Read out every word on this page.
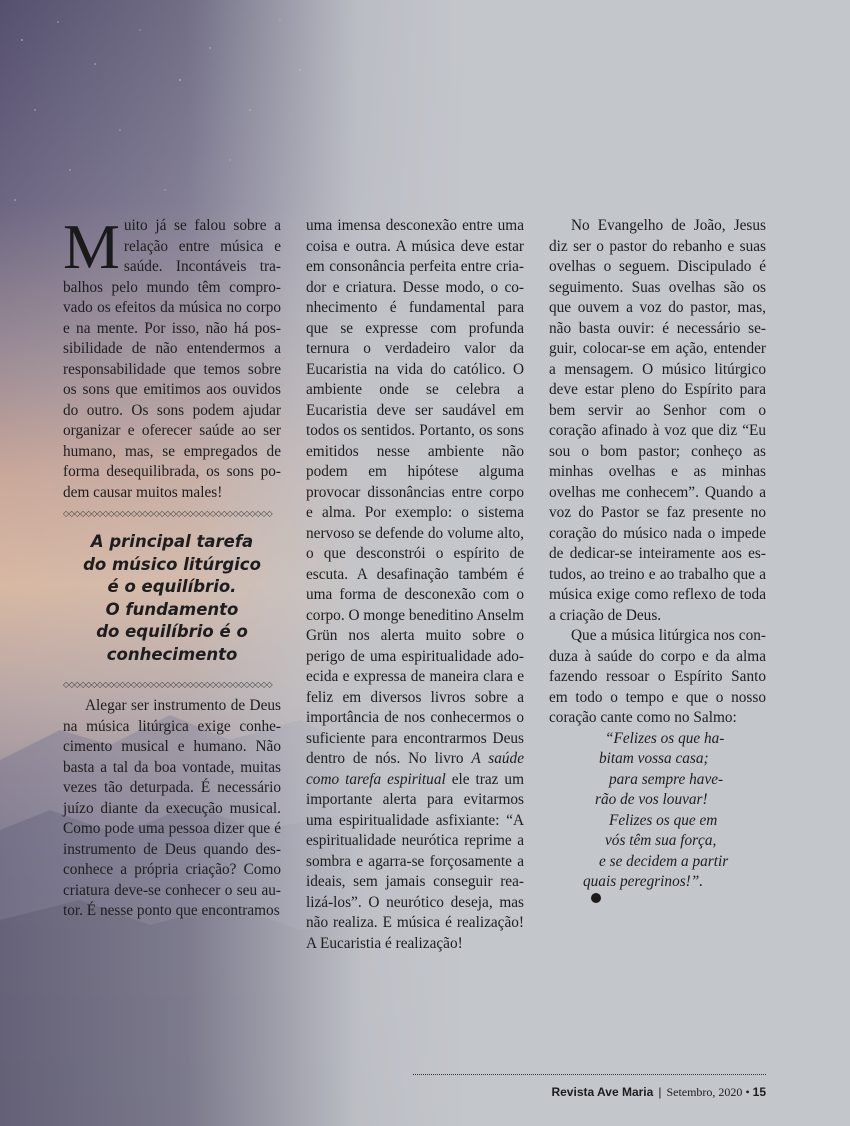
Muito já se falou sobre a relação entre música e saúde. Incontáveis trabalhos pelo mundo têm comprovado os efeitos da música no corpo e na mente. Por isso, não há possibilidade de não entendermos a responsabilidade que temos sobre os sons que emitimos aos ouvidos do outro. Os sons podem ajudar organizar e oferecer saúde ao ser humano, mas, se empregados de forma desequilibrada, os sons podem causar muitos males!

◇◇◇◇◇◇◇◇◇◇◇◇◇◇◇◇◇◇◇◇◇◇◇◇◇◇◇◇◇◇◇◇◇◇◇◇◇
A principal tarefa
do músico litúrgico
é o equilíbrio.
O fundamento
do equilíbrio é o
conhecimento
◇◇◇◇◇◇◇◇◇◇◇◇◇◇◇◇◇◇◇◇◇◇◇◇◇◇◇◇◇◇◇◇◇◇◇◇◇

Alegar ser instrumento de Deus na música litúrgica exige conhecimento musical e humano. Não basta a tal da boa vontade, muitas vezes tão deturpada. É necessário juízo diante da execução musical. Como pode uma pessoa dizer que é instrumento de Deus quando desconhece a própria criação? Como criatura deve-se conhecer o seu autor. É nesse ponto que encontramos

uma imensa desconexão entre uma coisa e outra. A música deve estar em consonância perfeita entre criador e criatura. Desse modo, o conhecimento é fundamental para que se expresse com profunda ternura o verdadeiro valor da Eucaristia na vida do católico. O ambiente onde se celebra a Eucaristia deve ser saudável em todos os sentidos. Portanto, os sons emitidos nesse ambiente não podem em hipótese alguma provocar dissonâncias entre corpo e alma. Por exemplo: o sistema nervoso se defende do volume alto, o que desconstrói o espírito de escuta. A desafinação também é uma forma de desconexão com o corpo. O monge beneditino Anselm Grün nos alerta muito sobre o perigo de uma espiritualidade adoecida e expressa de maneira clara e feliz em diversos livros sobre a importância de nos conhecermos o suficiente para encontrarmos Deus dentro de nós. No livro A saúde como tarefa espiritual ele traz um importante alerta para evitarmos uma espiritualidade asfixiante: “A espiritualidade neurótica reprime a sombra e agarra-se forçosamente a ideais, sem jamais conseguir realizá-los”. O neurótico deseja, mas não realiza. E música é realização! A Eucaristia é realização!

No Evangelho de João, Jesus diz ser o pastor do rebanho e suas ovelhas o seguem. Discipulado é seguimento. Suas ovelhas são os que ouvem a voz do pastor, mas, não basta ouvir: é necessário seguir, colocar-se em ação, entender a mensagem. O músico litúrgico deve estar pleno do Espírito para bem servir ao Senhor com o coração afinado à voz que diz “Eu sou o bom pastor; conheço as minhas ovelhas e as minhas ovelhas me conhecem”. Quando a voz do Pastor se faz presente no coração do músico nada o impede de dedicar-se inteiramente aos estudos, ao treino e ao trabalho que a música exige como reflexo de toda a criação de Deus.

Que a música litúrgica nos conduza à saúde do corpo e da alma fazendo ressoar o Espírito Santo em todo o tempo e que o nosso coração cante como no Salmo:

“Felizes os que ha-
bitam vossa casa;
para sempre have-
rão de vos louvar!
Felizes os que em
vós têm sua força,
e se decidem a partir
quais peregrinos!”.
Revista Ave Maria | Setembro, 2020 • 15
